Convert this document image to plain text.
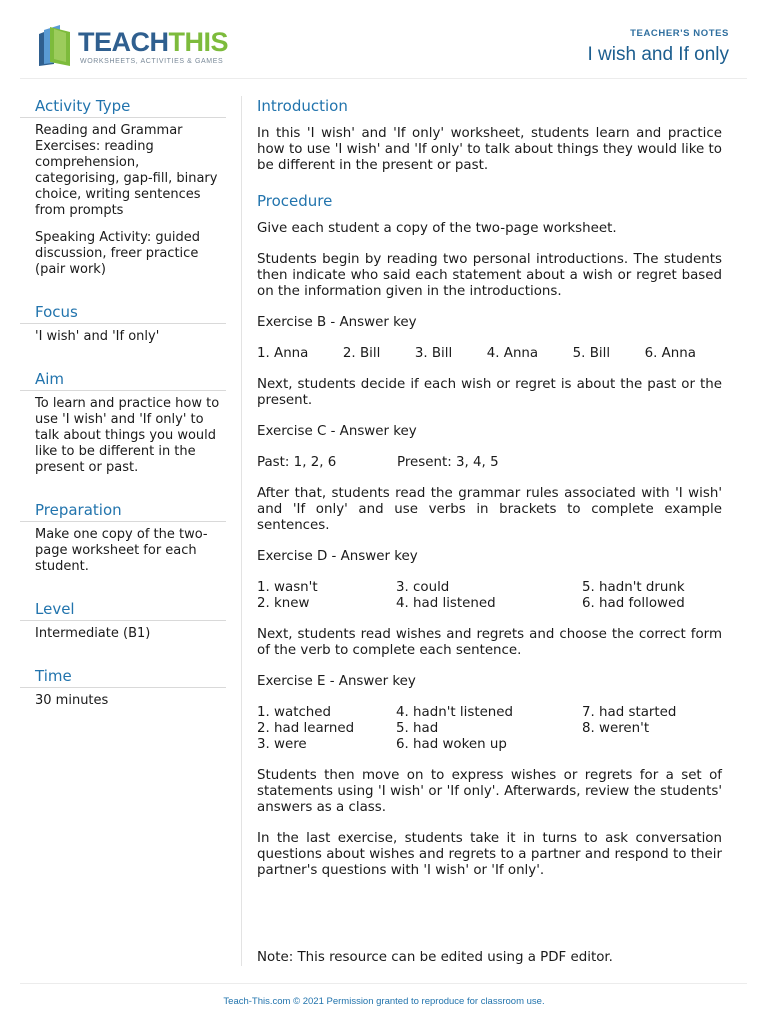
TEACHTHIS
WORKSHEETS, ACTIVITIES & GAMES
TEACHER'S NOTES
I wish and If only
Activity Type

Reading and Grammar Exercises: reading comprehension, categorising, gap-fill, binary choice, writing sentences from prompts

Speaking Activity: guided discussion, freer practice (pair work)

Focus

'I wish' and 'If only'

Aim

To learn and practice how to use 'I wish' and 'If only' to talk about things you would like to be different in the present or past.

Preparation

Make one copy of the two-page worksheet for each student.

Level

Intermediate (B1)

Time

30 minutes

Introduction

In this 'I wish' and 'If only' worksheet, students learn and practice how to use 'I wish' and 'If only' to talk about things they would like to be different in the present or past.

Procedure

Give each student a copy of the two-page worksheet.

Students begin by reading two personal introductions. The students then indicate who said each statement about a wish or regret based on the information given in the introductions.

Exercise B - Answer key

1. Anna	2. Bill	3. Bill	4. Anna	5. Bill	6. Anna

Next, students decide if each wish or regret is about the past or the present.

Exercise C - Answer key

Past: 1, 2, 6	Present: 3, 4, 5

After that, students read the grammar rules associated with 'I wish' and 'If only' and use verbs in brackets to complete example sentences.

Exercise D - Answer key

1. wasn't	3. could	5. hadn't drunk
2. knew	4. had listened	6. had followed

Next, students read wishes and regrets and choose the correct form of the verb to complete each sentence.

Exercise E - Answer key

1. watched	4. hadn't listened	7. had started
2. had learned	5. had	8. weren't
3. were	6. had woken up

Students then move on to express wishes or regrets for a set of statements using 'I wish' or 'If only'. Afterwards, review the students' answers as a class.

In the last exercise, students take it in turns to ask conversation questions about wishes and regrets to a partner and respond to their partner's questions with 'I wish' or 'If only'.

Note: This resource can be edited using a PDF editor.
Teach-This.com © 2021 Permission granted to reproduce for classroom use.
